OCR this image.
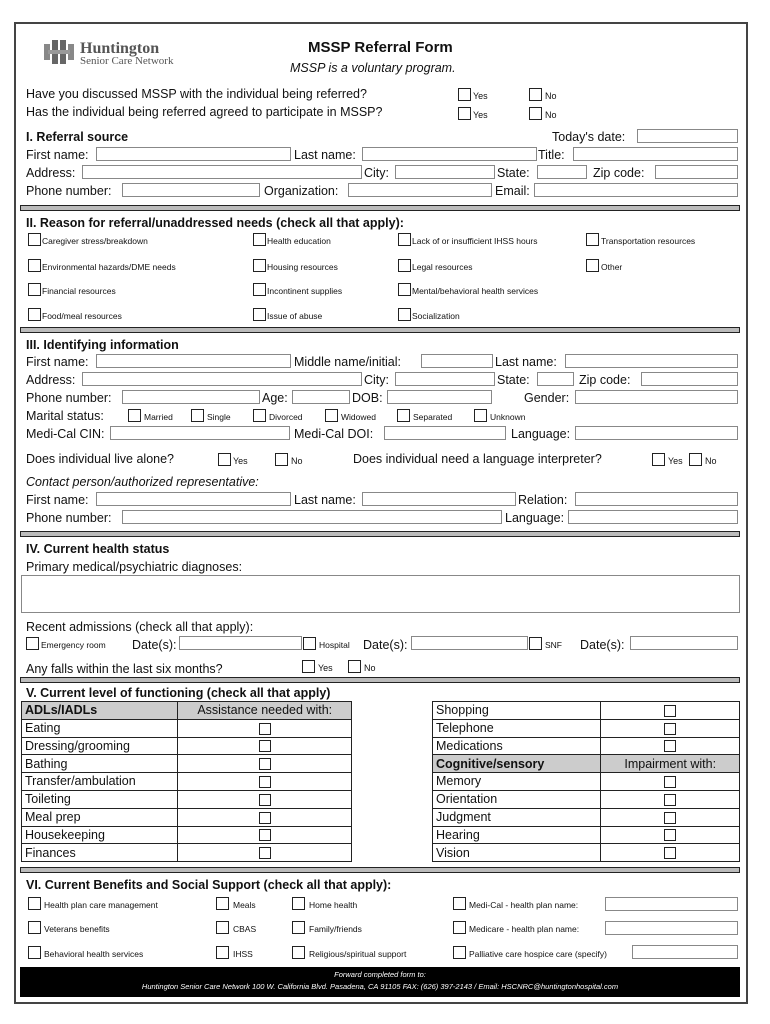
Huntington
Senior Care Network
MSSP Referral Form
MSSP is a voluntary program.
Have you discussed MSSP with the individual being referred?
Has the individual being referred agreed to participate in MSSP?
Yes	No
Yes	No
I. Referral source	Today's date:
First name:	Last name:	Title:
Address:	City:	State:	Zip code:
Phone number:	Organization:	Email:
II. Reason for referral/unaddressed needs (check all that apply):
Caregiver stress/breakdown	Health education	Lack of or insufficient IHSS hours	Transportation resources
Environmental hazards/DME needs	Housing resources	Legal resources	Other
Financial resources	Incontinent supplies	Mental/behavioral health services
Food/meal resources	Issue of abuse	Socialization
III. Identifying information
First name:	Middle name/initial:	Last name:
Address:	City:	State:	Zip code:
Phone number:	Age:	DOB:	Gender:
Marital status:	Married	Single	Divorced	Widowed	Separated	Unknown
Medi-Cal CIN:	Medi-Cal DOI:	Language:
Does individual live alone?	Yes	No	Does individual need a language interpreter?	Yes No
Contact person/authorized representative:
First name:	Last name:	Relation:
Phone number:	Language:
IV. Current health status
Primary medical/psychiatric diagnoses:
Recent admissions (check all that apply):
Emergency room Date(s):	Hospital Date(s):	SNF Date(s):
Any falls within the last six months?	Yes	No
V. Current level of functioning (check all that apply)
ADLs/IADLs	Assistance needed with:
Eating	
Dressing/grooming	
Bathing	
Transfer/ambulation	
Toileting	
Meal prep	
Housekeeping	
Finances	
Shopping	
Telephone	
Medications	
Cognitive/sensory	Impairment with:
Memory	
Orientation	
Judgment	
Hearing	
Vision	
VI. Current Benefits and Social Support (check all that apply):
Health plan care management	Meals	Home health	Medi-Cal - health plan name:
Veterans benefits	CBAS	Family/friends	Medicare - health plan name:
Behavioral health services	IHSS	Religious/spiritual support	Palliative care hospice care (specify)
Forward completed form to:
Huntington Senior Care Network 100 W. California Blvd. Pasadena, CA 91105 FAX: (626) 397-2143 / Email: HSCNRC@huntingtonhospital.com
